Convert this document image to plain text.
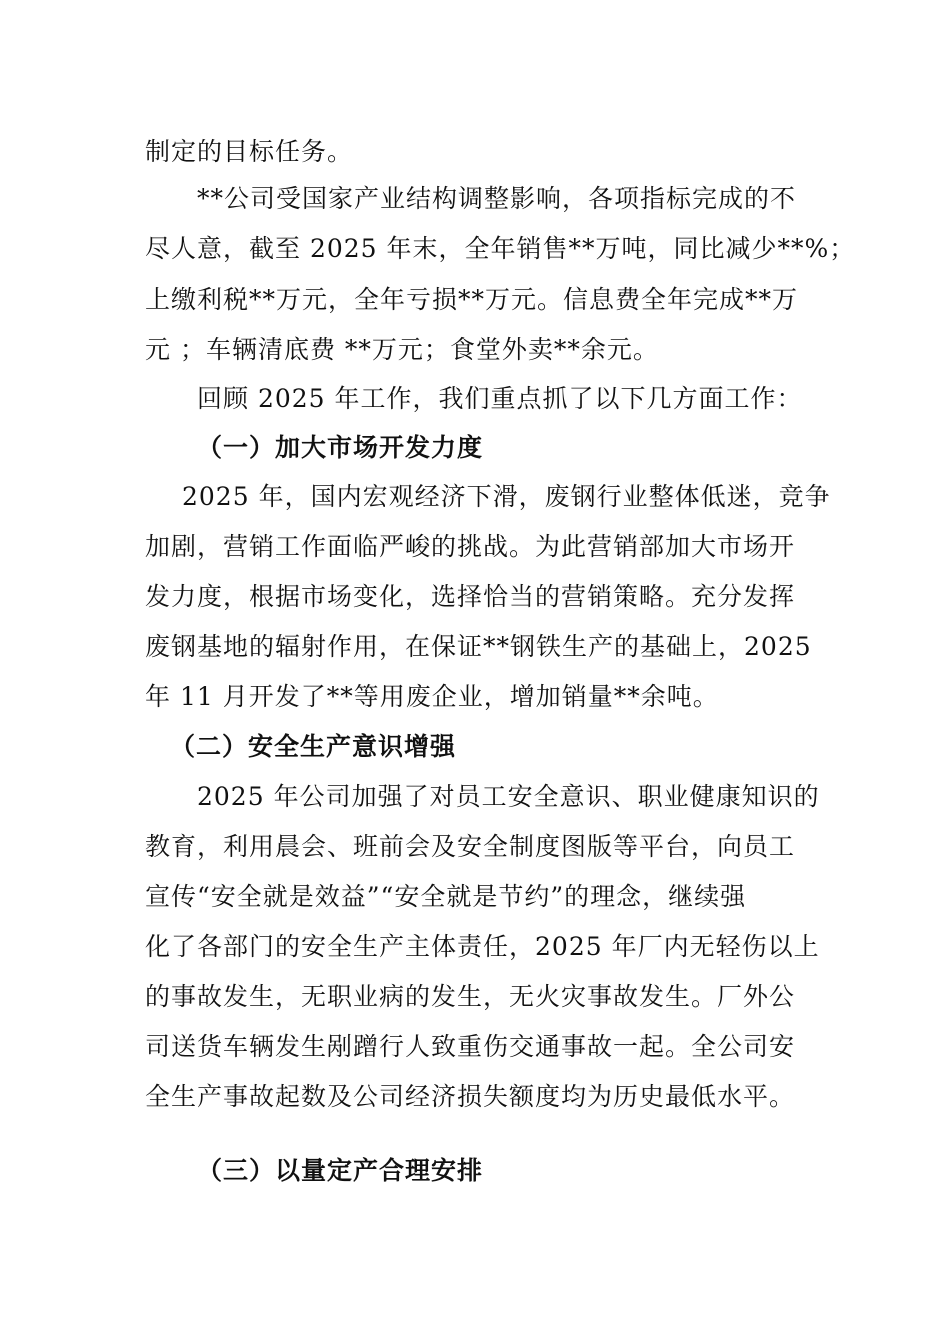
制定的目标任务。
**公司受国家产业结构调整影响，各项指标完成的不
尽人意，截至 2025 年末，全年销售**万吨，同比减少**%；
上缴利税**万元，全年亏损**万元。信息费全年完成**万
元 ；车辆清底费 **万元；食堂外卖**余元。
回顾 2025 年工作，我们重点抓了以下几方面工作：
（一）加大市场开发力度
2025 年，国内宏观经济下滑，废钢行业整体低迷，竞争
加剧，营销工作面临严峻的挑战。为此营销部加大市场开
发力度，根据市场变化，选择恰当的营销策略。充分发挥
废钢基地的辐射作用，在保证**钢铁生产的基础上，2025
年 11 月开发了**等用废企业，增加销量**余吨。
（二）安全生产意识增强
2025 年公司加强了对员工安全意识、职业健康知识的
教育，利用晨会、班前会及安全制度图版等平台，向员工
宣传“安全就是效益”“安全就是节约”的理念，继续强
化了各部门的安全生产主体责任，2025 年厂内无轻伤以上
的事故发生，无职业病的发生，无火灾事故发生。厂外公
司送货车辆发生剐蹭行人致重伤交通事故一起。全公司安
全生产事故起数及公司经济损失额度均为历史最低水平。
（三）以量定产合理安排
